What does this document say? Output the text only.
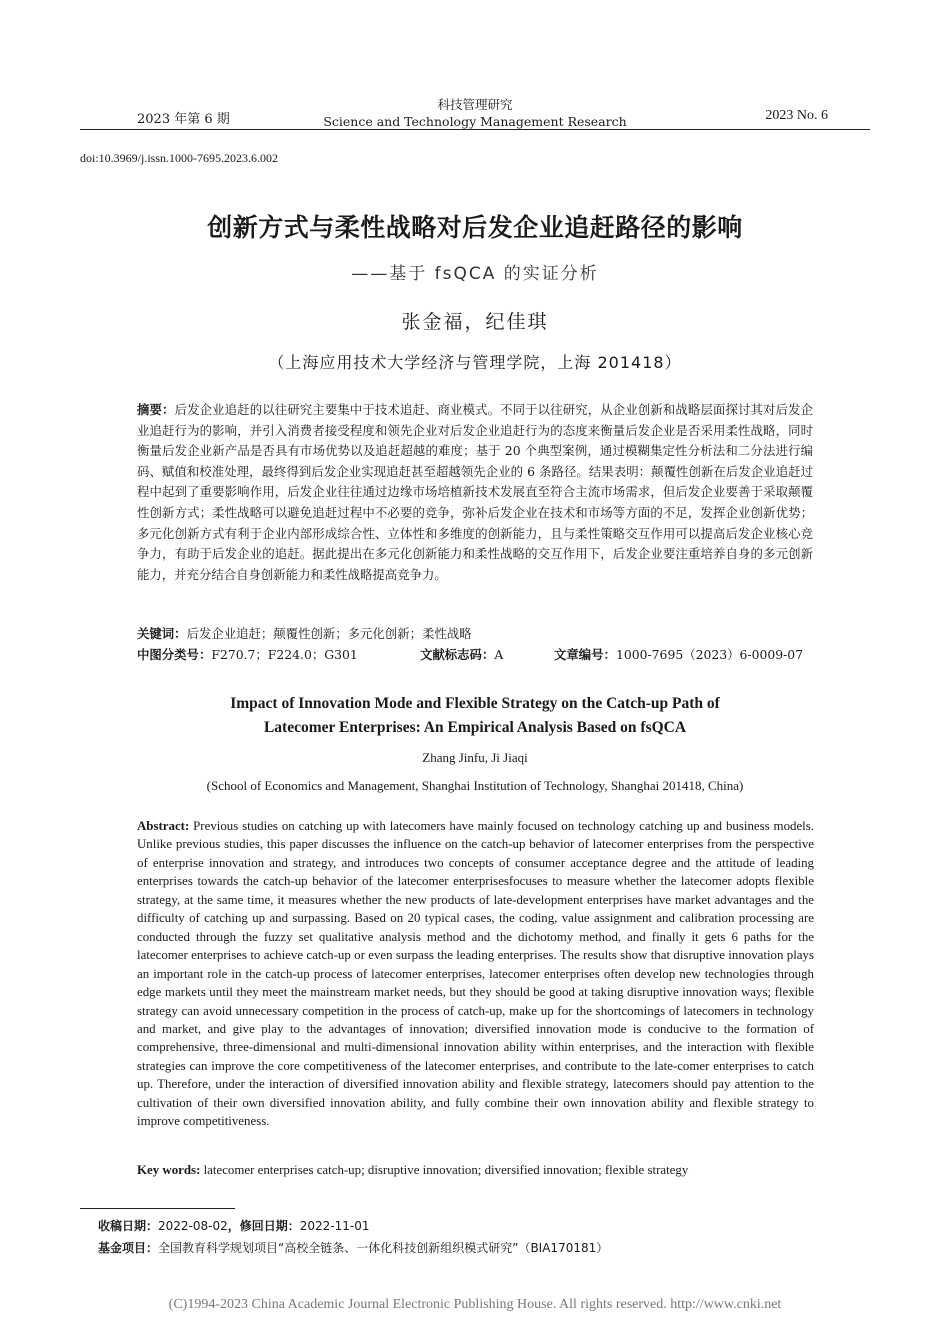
2023 年第 6 期
科技管理研究
Science and Technology Management Research	2023 No. 6
doi:10.3969/j.issn.1000-7695.2023.6.002
创新方式与柔性战略对后发企业追赶路径的影响
——基于 fsQCA 的实证分析
张金福，纪佳琪
（上海应用技术大学经济与管理学院，上海 201418）
摘要：后发企业追赶的以往研究主要集中于技术追赶、商业模式。不同于以往研究，从企业创新和战略层面探讨其对后发企业追赶行为的影响，并引入消费者接受程度和领先企业对后发企业追赶行为的态度来衡量后发企业是否采用柔性战略，同时衡量后发企业新产品是否具有市场优势以及追赶超越的难度；基于 20 个典型案例，通过模糊集定性分析法和二分法进行编码、赋值和校准处理，最终得到后发企业实现追赶甚至超越领先企业的 6 条路径。结果表明：颠覆性创新在后发企业追赶过程中起到了重要影响作用，后发企业往往通过边缘市场培植新技术发展直至符合主流市场需求，但后发企业要善于采取颠覆性创新方式；柔性战略可以避免追赶过程中不必要的竞争，弥补后发企业在技术和市场等方面的不足，发挥企业创新优势；多元化创新方式有利于企业内部形成综合性、立体性和多维度的创新能力，且与柔性策略交互作用可以提高后发企业核心竞争力，有助于后发企业的追赶。据此提出在多元化创新能力和柔性战略的交互作用下，后发企业要注重培养自身的多元创新能力，并充分结合自身创新能力和柔性战略提高竞争力。
关键词：后发企业追赶；颠覆性创新；多元化创新；柔性战略
中图分类号：F270.7；F224.0；G301	文献标志码：A	文章编号：1000-7695（2023）6-0009-07
Impact of Innovation Mode and Flexible Strategy on the Catch-up Path of
Latecomer Enterprises: An Empirical Analysis Based on fsQCA
Zhang Jinfu, Ji Jiaqi
(School of Economics and Management, Shanghai Institution of Technology, Shanghai 201418, China)
Abstract: Previous studies on catching up with latecomers have mainly focused on technology catching up and business models. Unlike previous studies, this paper discusses the influence on the catch-up behavior of latecomer enterprises from the perspective of enterprise innovation and strategy, and introduces two concepts of consumer acceptance degree and the attitude of leading enterprises towards the catch-up behavior of the latecomer enterprisesfocuses to measure whether the latecomer adopts flexible strategy, at the same time, it measures whether the new products of late-development enterprises have market advantages and the difficulty of catching up and surpassing. Based on 20 typical cases, the coding, value assignment and calibration processing are conducted through the fuzzy set qualitative analysis method and the dichotomy method, and finally it gets 6 paths for the latecomer enterprises to achieve catch-up or even surpass the leading enterprises. The results show that disruptive innovation plays an important role in the catch-up process of latecomer enterprises, latecomer enterprises often develop new technologies through edge markets until they meet the mainstream market needs, but they should be good at taking disruptive innovation ways; flexible strategy can avoid unnecessary competition in the process of catch-up, make up for the shortcomings of latecomers in technology and market, and give play to the advantages of innovation; diversified innovation mode is conducive to the formation of comprehensive, three-dimensional and multi-dimensional innovation ability within enterprises, and the interaction with flexible strategies can improve the core competitiveness of the latecomer enterprises, and contribute to the late-comer enterprises to catch up. Therefore, under the interaction of diversified innovation ability and flexible strategy, latecomers should pay attention to the cultivation of their own diversified innovation ability, and fully combine their own innovation ability and flexible strategy to improve competitiveness.
Key words: latecomer enterprises catch-up; disruptive innovation; diversified innovation; flexible strategy
收稿日期：2022-08-02，修回日期：2022-11-01
基金项目：全国教育科学规划项目“高校全链条、一体化科技创新组织模式研究”（BIA170181）
(C)1994-2023 China Academic Journal Electronic Publishing House. All rights reserved. http://www.cnki.net
